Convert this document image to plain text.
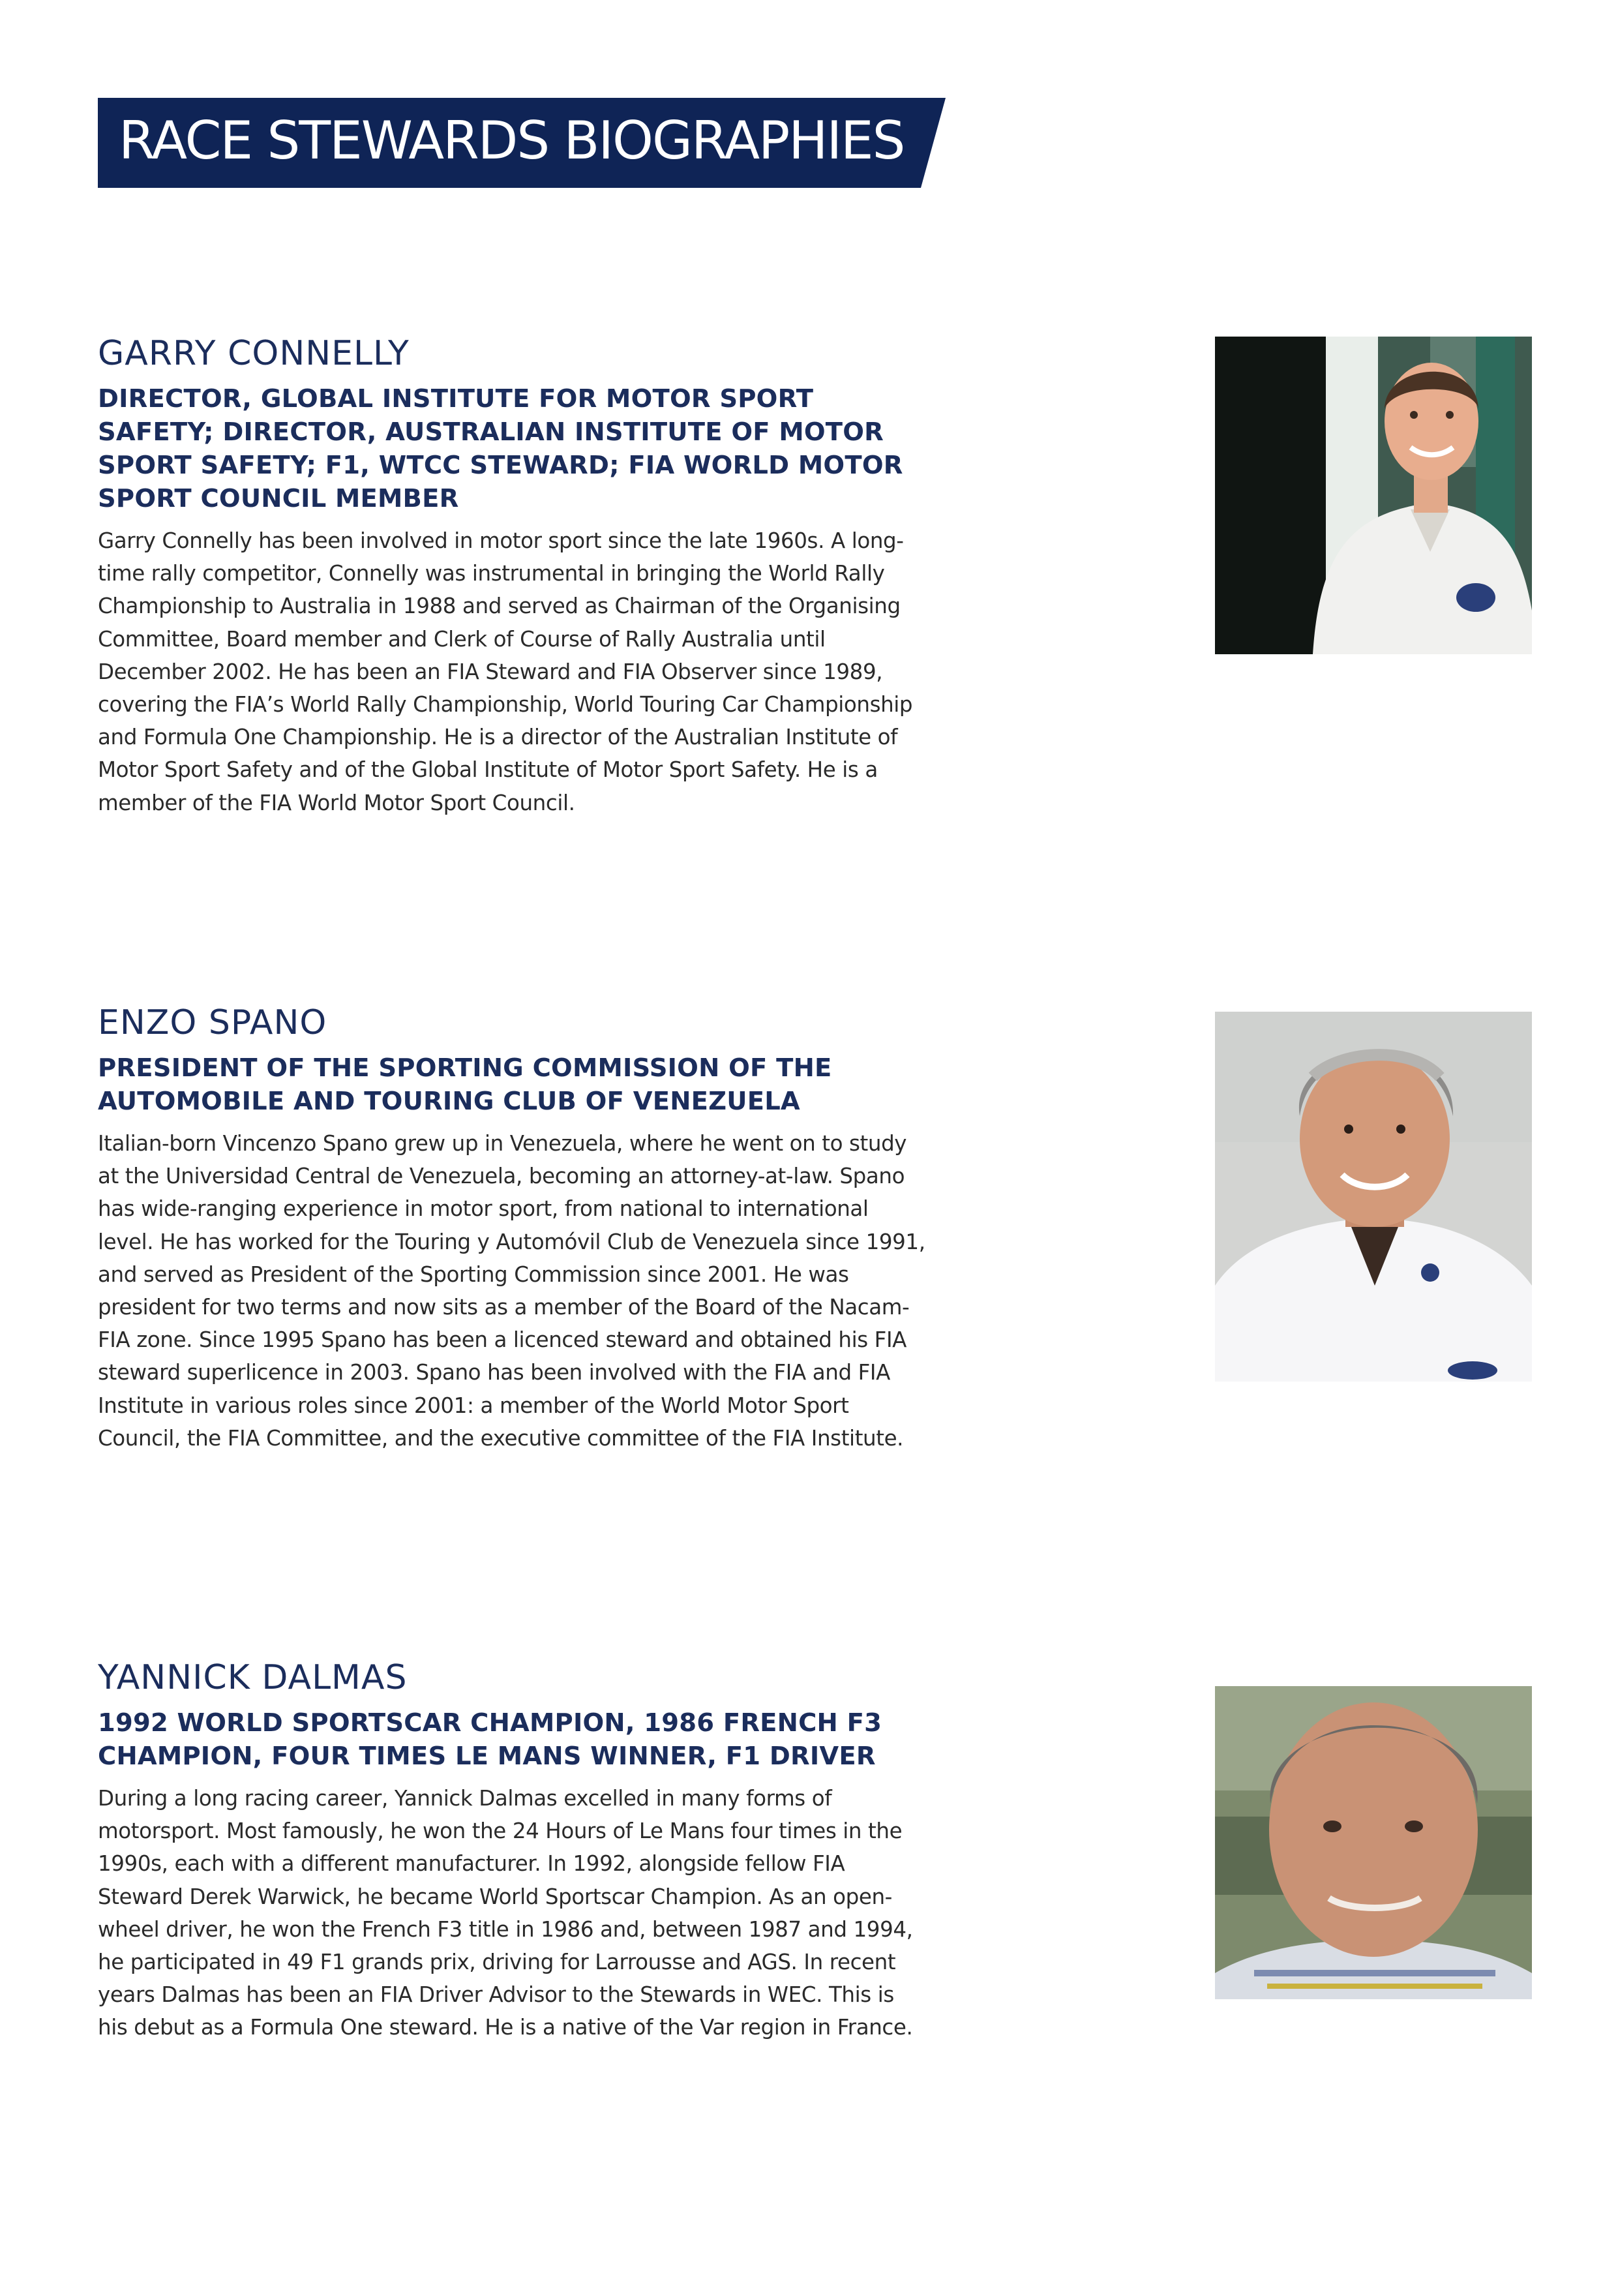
RACE STEWARDS BIOGRAPHIES
GARRY CONNELLY
DIRECTOR, GLOBAL INSTITUTE FOR MOTOR SPORT SAFETY; DIRECTOR, AUSTRALIAN INSTITUTE OF MOTOR SPORT SAFETY; F1, WTCC STEWARD; FIA WORLD MOTOR SPORT COUNCIL MEMBER

Garry Connelly has been involved in motor sport since the late 1960s. A long-time rally competitor, Connelly was instrumental in bringing the World Rally Championship to Australia in 1988 and served as Chairman of the Organising Committee, Board member and Clerk of Course of Rally Australia until December 2002. He has been an FIA Steward and FIA Observer since 1989, covering the FIA’s World Rally Championship, World Touring Car Championship and Formula One Championship. He is a director of the Australian Institute of Motor Sport Safety and of the Global Institute of Motor Sport Safety. He is a member of the FIA World Motor Sport Council.

ENZO SPANO
PRESIDENT OF THE SPORTING COMMISSION OF THE AUTOMOBILE AND TOURING CLUB OF VENEZUELA

Italian-born Vincenzo Spano grew up in Venezuela, where he went on to study at the Universidad Central de Venezuela, becoming an attorney-at-law. Spano has wide-ranging experience in motor sport, from national to international level. He has worked for the Touring y Automóvil Club de Venezuela since 1991, and served as President of the Sporting Commission since 2001. He was president for two terms and now sits as a member of the Board of the Nacam-FIA zone. Since 1995 Spano has been a licenced steward and obtained his FIA steward superlicence in 2003. Spano has been involved with the FIA and FIA Institute in various roles since 2001: a member of the World Motor Sport Council, the FIA Committee, and the executive committee of the FIA Institute.

YANNICK DALMAS
1992 WORLD SPORTSCAR CHAMPION, 1986 FRENCH F3 CHAMPION, FOUR TIMES LE MANS WINNER, F1 DRIVER

During a long racing career, Yannick Dalmas excelled in many forms of motorsport. Most famously, he won the 24 Hours of Le Mans four times in the 1990s, each with a different manufacturer. In 1992, alongside fellow FIA Steward Derek Warwick, he became World Sportscar Champion. As an open-wheel driver, he won the French F3 title in 1986 and, between 1987 and 1994, he participated in 49 F1 grands prix, driving for Larrousse and AGS. In recent years Dalmas has been an FIA Driver Advisor to the Stewards in WEC. This is his debut as a Formula One steward. He is a native of the Var region in France.
